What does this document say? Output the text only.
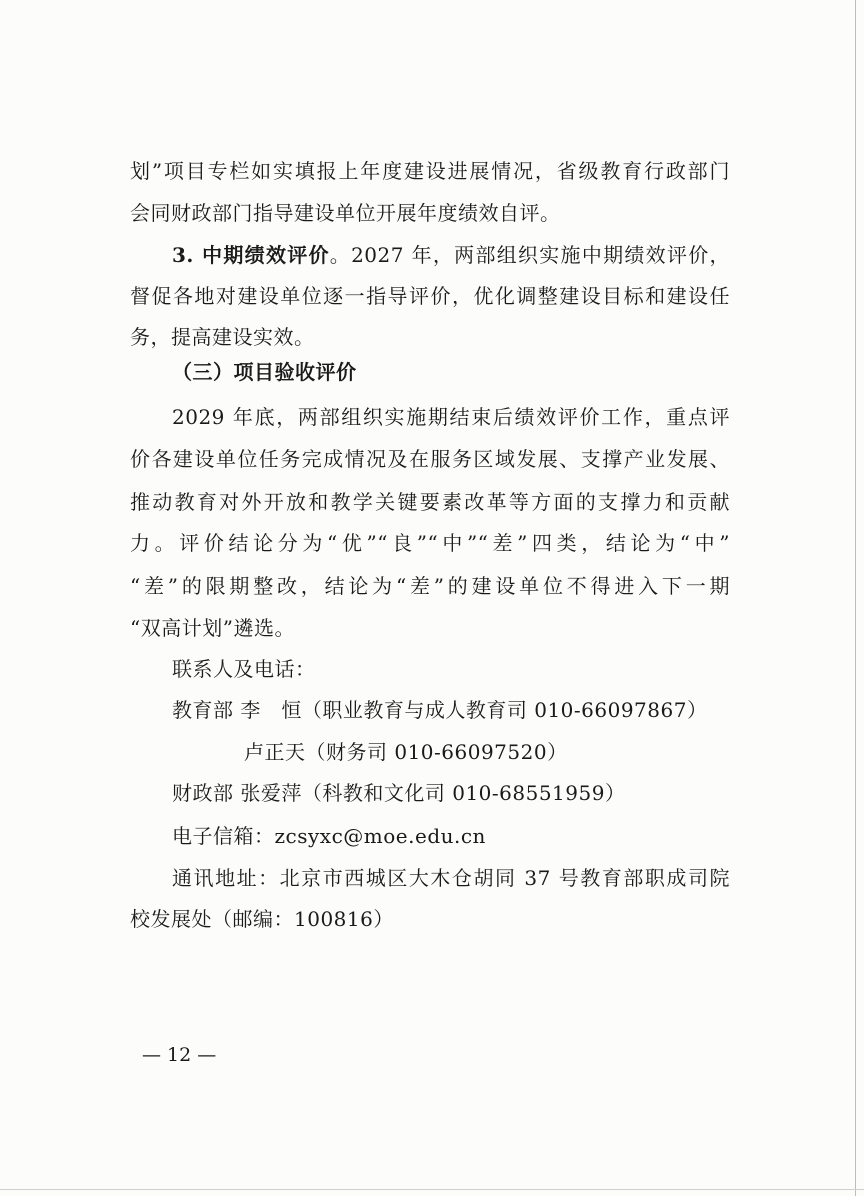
划”项目专栏如实填报上年度建设进展情况，省级教育行政部门
会同财政部门指导建设单位开展年度绩效自评。
3. 中期绩效评价。2027 年，两部组织实施中期绩效评价，
督促各地对建设单位逐一指导评价，优化调整建设目标和建设任
务，提高建设实效。
（三）项目验收评价
2029 年底，两部组织实施期结束后绩效评价工作，重点评
价各建设单位任务完成情况及在服务区域发展、支撑产业发展、
推动教育对外开放和教学关键要素改革等方面的支撑力和贡献
力。评价结论分为“优”“良”“中”“差”四类，结论为“中”
“差”的限期整改，结论为“差”的建设单位不得进入下一期
“双高计划”遴选。
联系人及电话：
教育部 李　恒（职业教育与成人教育司 010-66097867）
卢正天（财务司 010-66097520）
财政部 张爱萍（科教和文化司 010-68551959）
电子信箱：zcsyxc@moe.edu.cn
通讯地址：北京市西城区大木仓胡同 37 号教育部职成司院
校发展处（邮编：100816）
— 12 —
